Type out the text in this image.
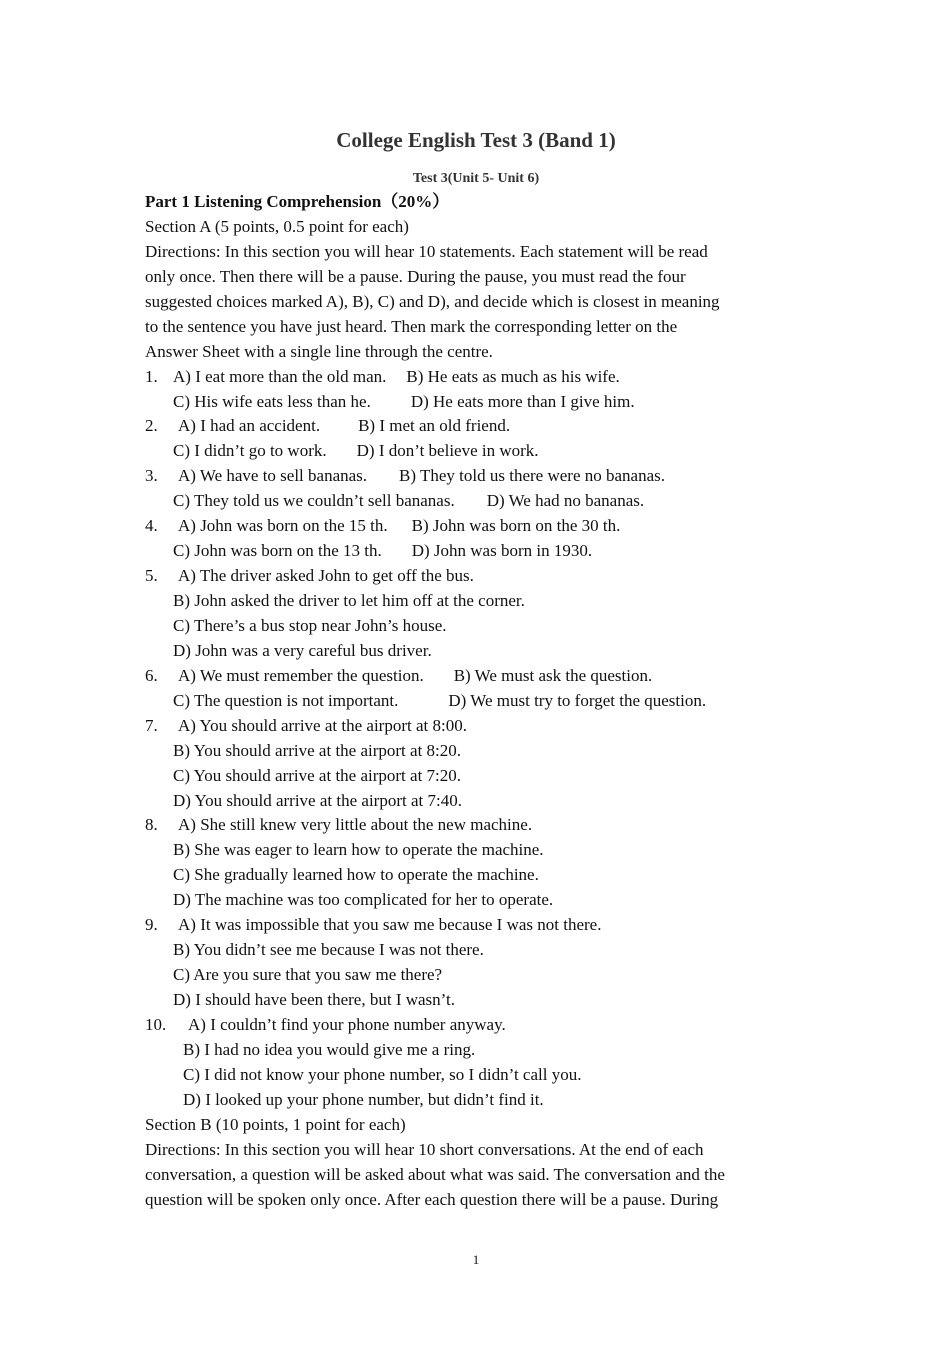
College English Test 3 (Band 1)
Test 3(Unit 5- Unit 6)
Part 1 Listening Comprehension（20%）
Section A (5 points, 0.5 point for each)
Directions: In this section you will hear 10 statements. Each statement will be read
only once. Then there will be a pause. During the pause, you must read the four
suggested choices marked A), B), C) and D), and decide which is closest in meaning
to the sentence you have just heard. Then mark the corresponding letter on the
Answer Sheet with a single line through the centre.
1. A) I eat more than the old man. B) He eats as much as his wife.
C) His wife eats less than he. D) He eats more than I give him.
2. A) I had an accident. B) I met an old friend.
C) I didn’t go to work. D) I don’t believe in work.
3. A) We have to sell bananas. B) They told us there were no bananas.
C) They told us we couldn’t sell bananas. D) We had no bananas.
4. A) John was born on the 15 th. B) John was born on the 30 th.
C) John was born on the 13 th. D) John was born in 1930.
5. A) The driver asked John to get off the bus.
B) John asked the driver to let him off at the corner.
C) There’s a bus stop near John’s house.
D) John was a very careful bus driver.
6. A) We must remember the question. B) We must ask the question.
C) The question is not important.	D) We must try to forget the question.
7. A) You should arrive at the airport at 8:00.
B) You should arrive at the airport at 8:20.
C) You should arrive at the airport at 7:20.
D) You should arrive at the airport at 7:40.
8. A) She still knew very little about the new machine.
B) She was eager to learn how to operate the machine.
C) She gradually learned how to operate the machine.
D) The machine was too complicated for her to operate.
9. A) It was impossible that you saw me because I was not there.
B) You didn’t see me because I was not there.
C) Are you sure that you saw me there?
D) I should have been there, but I wasn’t.
10. A) I couldn’t find your phone number anyway.
B) I had no idea you would give me a ring.
C) I did not know your phone number, so I didn’t call you.
D) I looked up your phone number, but didn’t find it.
Section B (10 points, 1 point for each)
Directions: In this section you will hear 10 short conversations. At the end of each
conversation, a question will be asked about what was said. The conversation and the
question will be spoken only once. After each question there will be a pause. During
1
